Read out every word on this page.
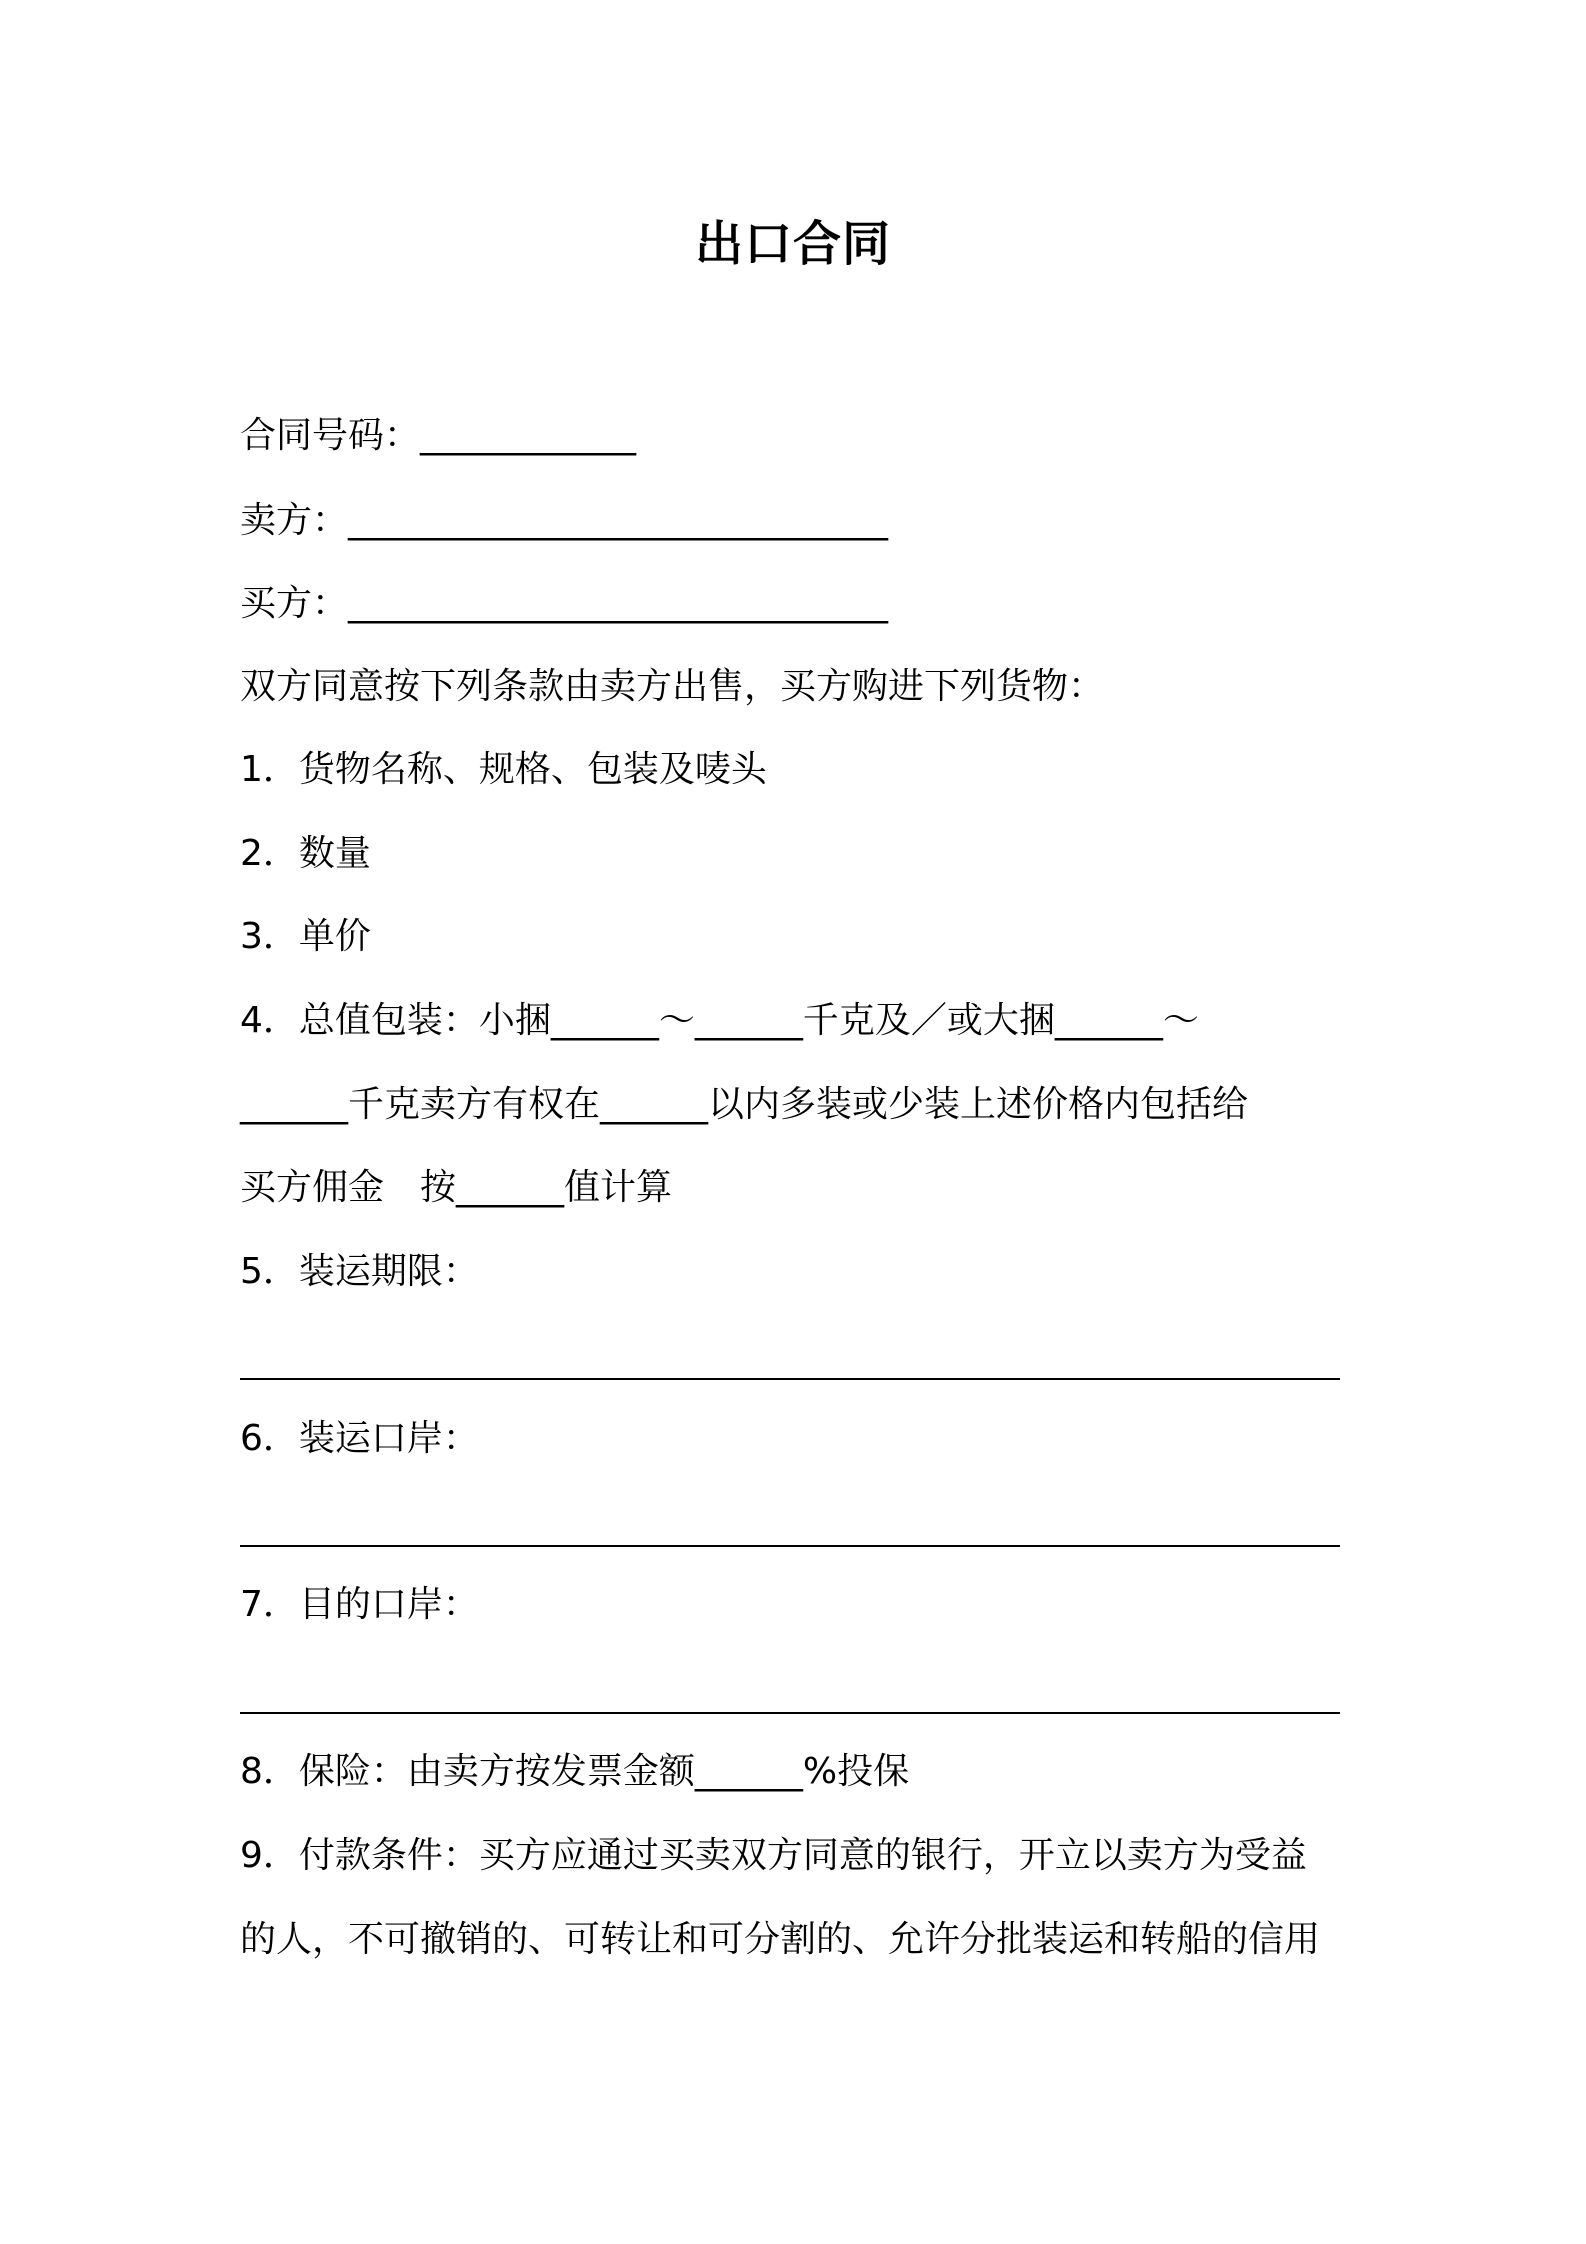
出口合同
合同号码：____________
卖方：______________________________
买方：______________________________
双方同意按下列条款由卖方出售，买方购进下列货物：
1．货物名称、规格、包装及唛头
2．数量
3．单价
4．总值包装：小捆______～______千克及／或大捆______～
______千克卖方有权在______以内多装或少装上述价格内包括给
买方佣金　按______值计算
5．装运期限：
6．装运口岸：
7．目的口岸：
8．保险：由卖方按发票金额______%投保
9．付款条件：买方应通过买卖双方同意的银行，开立以卖方为受益
的人，不可撤销的、可转让和可分割的、允许分批装运和转船的信用
